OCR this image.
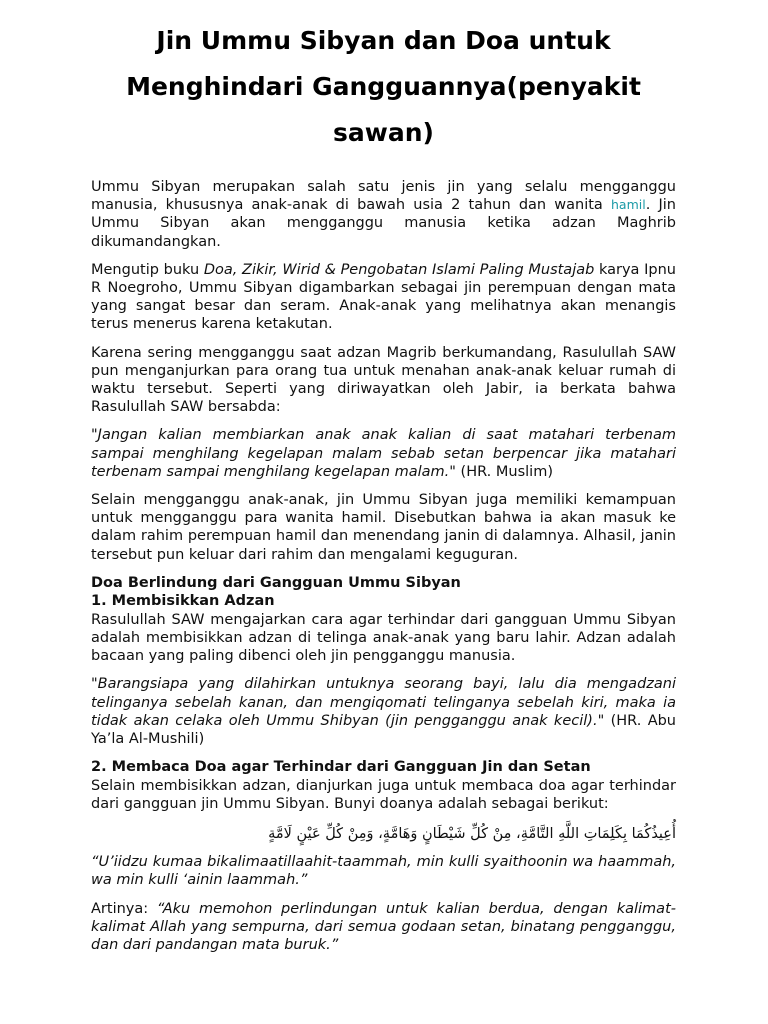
Jin Ummu Sibyan dan Doa untuk Menghindari Gangguannya(penyakit sawan)

Ummu Sibyan merupakan salah satu jenis jin yang selalu mengganggu manusia, khususnya anak-anak di bawah usia 2 tahun dan wanita hamil. Jin Ummu Sibyan akan mengganggu manusia ketika adzan Maghrib dikumandangkan.

Mengutip buku Doa, Zikir, Wirid & Pengobatan Islami Paling Mustajab karya Ipnu R Noegroho, Ummu Sibyan digambarkan sebagai jin perempuan dengan mata yang sangat besar dan seram. Anak-anak yang melihatnya akan menangis terus menerus karena ketakutan.

Karena sering mengganggu saat adzan Magrib berkumandang, Rasulullah SAW pun menganjurkan para orang tua untuk menahan anak-anak keluar rumah di waktu tersebut. Seperti yang diriwayatkan oleh Jabir, ia berkata bahwa Rasulullah SAW bersabda:

"Jangan kalian membiarkan anak anak kalian di saat matahari terbenam sampai menghilang kegelapan malam sebab setan berpencar jika matahari terbenam sampai menghilang kegelapan malam." (HR. Muslim)

Selain mengganggu anak-anak, jin Ummu Sibyan juga memiliki kemampuan untuk mengganggu para wanita hamil. Disebutkan bahwa ia akan masuk ke dalam rahim perempuan hamil dan menendang janin di dalamnya. Alhasil, janin tersebut pun keluar dari rahim dan mengalami keguguran.

Doa Berlindung dari Gangguan Ummu Sibyan
1. Membisikkan Adzan

Rasulullah SAW mengajarkan cara agar terhindar dari gangguan Ummu Sibyan adalah membisikkan adzan di telinga anak-anak yang baru lahir. Adzan adalah bacaan yang paling dibenci oleh jin pengganggu manusia.

"Barangsiapa yang dilahirkan untuknya seorang bayi, lalu dia mengadzani telinganya sebelah kanan, dan mengiqomati telinganya sebelah kiri, maka ia tidak akan celaka oleh Ummu Shibyan (jin pengganggu anak kecil)." (HR. Abu Ya’la Al-Mushili)

2. Membaca Doa agar Terhindar dari Gangguan Jin dan Setan

Selain membisikkan adzan, dianjurkan juga untuk membaca doa agar terhindar dari gangguan jin Ummu Sibyan. Bunyi doanya adalah sebagai berikut:

أُعِيذُكُمَا بِكَلِمَاتِ اللَّهِ التَّامَّةِ، مِنْ كُلِّ شَيْطَانٍ وَهَامَّةٍ، وَمِنْ كُلِّ عَيْنٍ لَامَّةٍ

“U’iidzu kumaa bikalimaatillaahit-taammah, min kulli syaithoonin wa haammah, wa min kulli ‘ainin laammah.”

Artinya: “Aku memohon perlindungan untuk kalian berdua, dengan kalimat-kalimat Allah yang sempurna, dari semua godaan setan, binatang pengganggu, dan dari pandangan mata buruk.”
